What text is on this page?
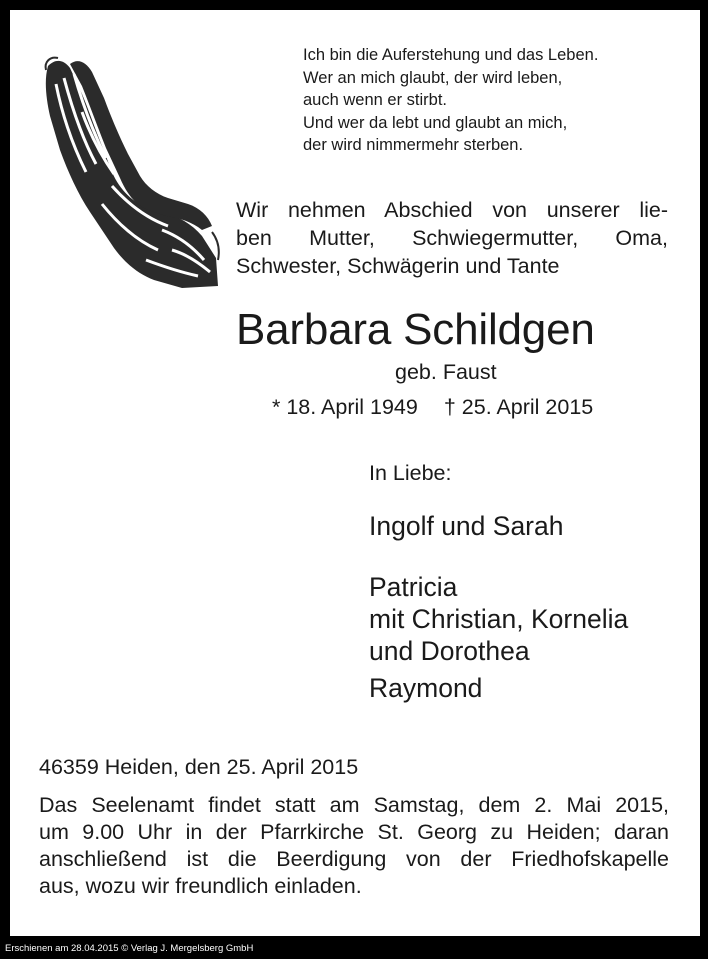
Ich bin die Auferstehung und das Leben.
Wer an mich glaubt, der wird leben,
auch wenn er stirbt.
Und wer da lebt und glaubt an mich,
der wird nimmermehr sterben.
Wir nehmen Abschied von unserer lie-
ben Mutter, Schwiegermutter, Oma,
Schwester, Schwägerin und Tante
Barbara Schildgen
geb. Faust
* 18. April 1949 † 25. April 2015
In Liebe:
Ingolf und Sarah
Patricia
mit Christian, Kornelia
und Dorothea
Raymond
46359 Heiden, den 25. April 2015
Das Seelenamt findet statt am Samstag, dem 2. Mai 2015,
um 9.00 Uhr in der Pfarrkirche St. Georg zu Heiden; daran
anschließend ist die Beerdigung von der Friedhofskapelle
aus, wozu wir freundlich einladen.
Erschienen am 28.04.2015 © Verlag J. Mergelsberg GmbH
